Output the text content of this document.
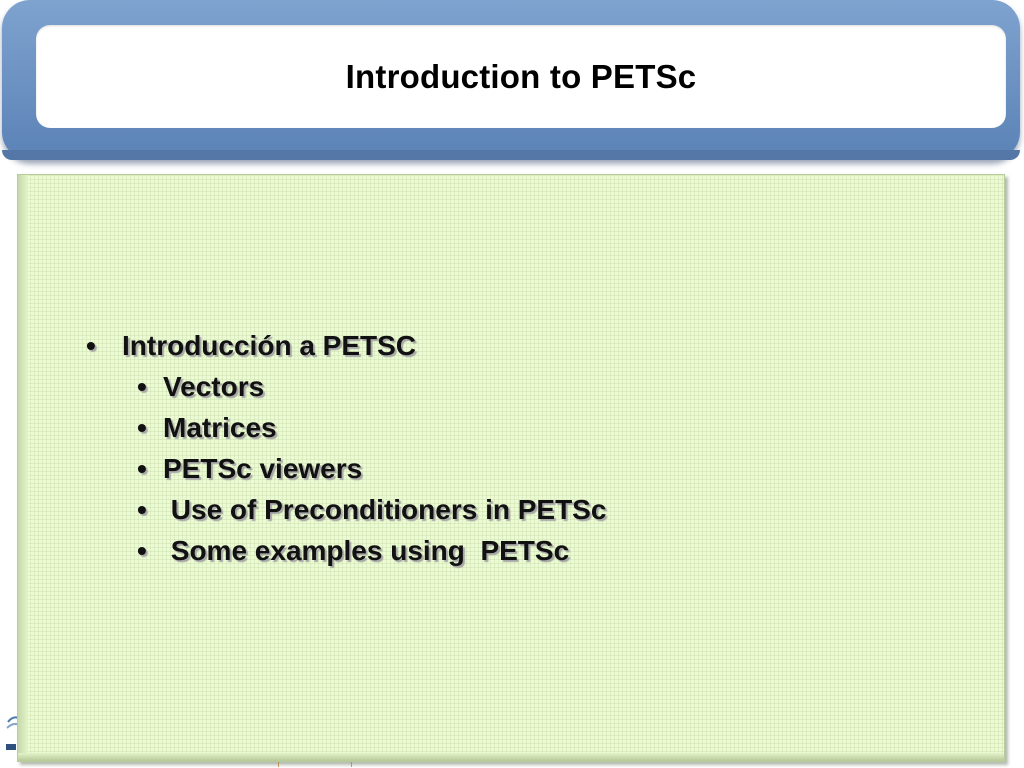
Introduction to PETSc
• Introducción a PETSC
• Vectors
• Matrices
• PETSc viewers
• Use of Preconditioners in PETSc
• Some examples using  PETSc
